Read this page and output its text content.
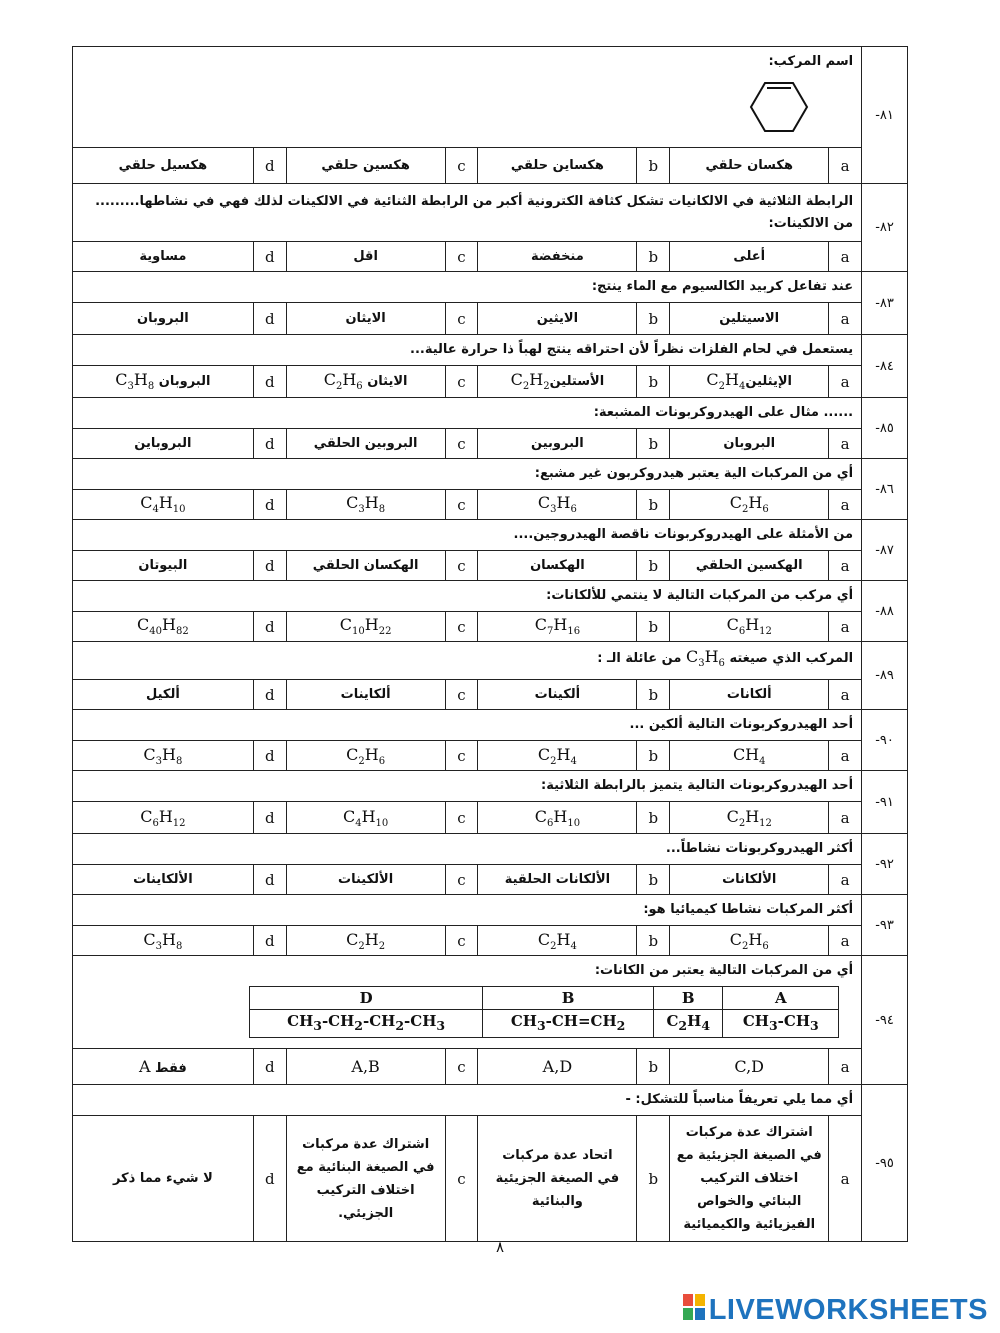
اسم المركب:
	-٨١
هكسيل حلقي	d	هكسين حلقي	c	هكساين حلقي	b	هكسان حلقي	a
الرابطة الثلاثية في الالكانيات تشكل كثافة الكترونية أكبر من الرابطة الثنائية في الالكينات لذلك فهي في نشاطها......... من الالكينات:	-٨٢
مساوية	d	اقل	c	منخفضة	b	أعلى	a
عند تفاعل كربيد الكالسيوم مع الماء ينتج:	-٨٣
البروبان	d	الايثان	c	الايثين	b	الاسيتلين	a
يستعمل في لحام الفلزات نظراً لأن احتراقه ينتج لهباً ذا حرارة عالية...	-٨٤
البروبان $C_3H_8$	d	الايثان $C_2H_6$	c	$الأستلينC_2H_2$	b	$الإيثلينC_2H_4$	a
...... مثال على الهيدروكربونات المشبعة:	-٨٥
البروباين	d	البروبين الحلقي	c	البروبين	b	البروبان	a
أي من المركبات الية يعتبر هيدروكربون غير مشبع:	-٨٦
$C_4H_{10}$	d	$C_3H_8$	c	$C_3H_6$	b	$C_2H_6$	a
من الأمثلة على الهيدروكربونات ناقصة الهيدروجين....	-٨٧
البيوتان	d	الهكسان الحلقي	c	الهكسان	b	الهكسين الحلقي	a
أي مركب من المركبات التالية لا ينتمي للألكانات:	-٨٨
$C_{40}H_{82}$	d	$C_{10}H_{22}$	c	$C_7H_{16}$	b	$C_6H_{12}$	a
المركب الذي صيغته $C_3H_6$ من عائلة الـ :	-٨٩
ألكيل	d	ألكاينات	c	ألكينات	b	ألكانات	a
أحد الهيدروكربونات التالية ألكين ...	-٩٠
$C_3H_8$	d	$C_2H_6$	c	$C_2H_4$	b	$CH_4$	a
أحد الهيدروكربونات التالية يتميز بالرابطة الثلاثية:	-٩١
$C_6H_{12}$	d	$C_4H_{10}$	c	$C_6H_{10}$	b	$C_2H_{12}$	a
أكثر الهيدروكربونات نشاطاً...	-٩٢
الألكاينات	d	الألكينات	c	الألكانات الحلقية	b	الألكانات	a
أكثر المركبات نشاطا كيميائيا هو:	-٩٣
$C_3H_8$	d	$C_2H_2$	c	$C_2H_4$	b	$C_2H_6$	a

أي من المركبات التالية يعتبر من الكانات:
D	B	B	A
$CH_3-CH_2-CH_2-CH_3$	$CH_3-CH=CH_2$	$C_2H_4$	$CH_3-CH_3$
		-٩٤
فقط A	d	A,B	c	A,D	b	C,D	a
أي مما يلي تعريفاً مناسباً للتشكل: -	-٩٥
لا شيء مما ذكر	d	
اشتراك عدة مركبات
في الصيغة البنائية مع
اختلاف التركيب
الجزيئي.
	c	
اتحاد عدة مركبات
في الصيغة الجزيئية
والبنائية
	b	
اشتراك عدة مركبات
في الصيغة الجزيئية مع
اختلاف التركيب
البنائي والخواص
الفيزيائية والكيميائية
	a
٨
LIVEWORKSHEETS
